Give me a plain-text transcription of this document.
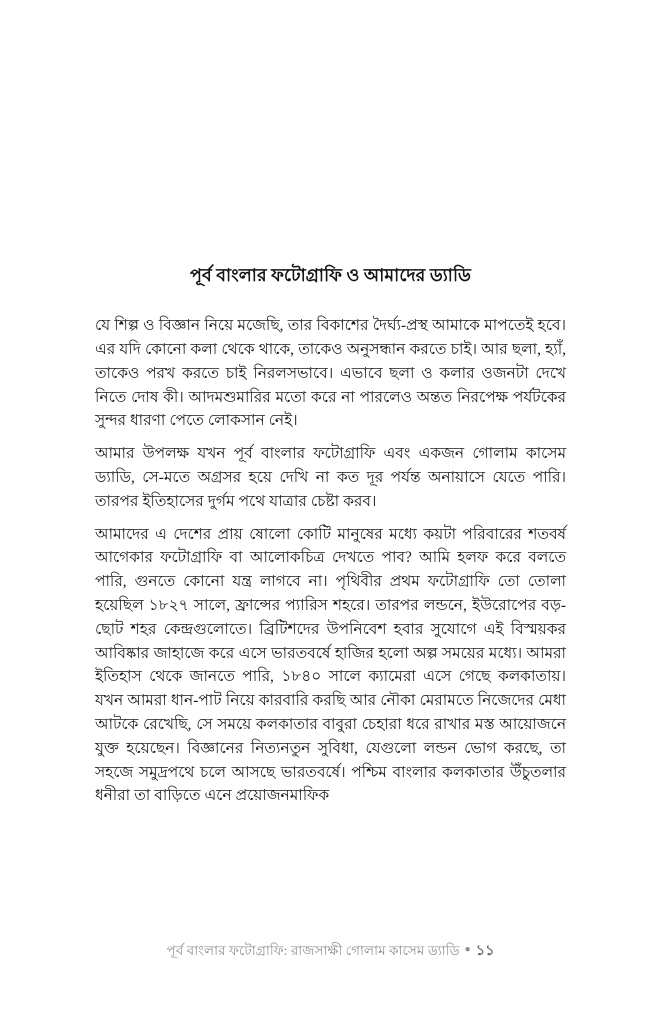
পূর্ব বাংলার ফটোগ্রাফি ও আমাদের ড্যাডি

যে শিল্প ও বিজ্ঞান নিয়ে মজেছি, তার বিকাশের দৈর্ঘ্য-প্রস্থ আমাকে মাপতেই হবে। এর যদি কোনো কলা থেকে থাকে, তাকেও অনুসন্ধান করতে চাই। আর ছলা, হ্যাঁ, তাকেও পরখ করতে চাই নিরলসভাবে। এভাবে ছলা ও কলার ওজনটা দেখে নিতে দোষ কী। আদমশুমারির মতো করে না পারলেও অন্তত নিরপেক্ষ পর্যটকের সুন্দর ধারণা পেতে লোকসান নেই।

আমার উপলক্ষ যখন পূর্ব বাংলার ফটোগ্রাফি এবং একজন গোলাম কাসেম ড্যাডি, সে-মতে অগ্রসর হয়ে দেখি না কত দূর পর্যন্ত অনায়াসে যেতে পারি। তারপর ইতিহাসের দুর্গম পথে যাত্রার চেষ্টা করব।

আমাদের এ দেশের প্রায় ষোলো কোটি মানুষের মধ্যে কয়টা পরিবারের শতবর্ষ আগেকার ফটোগ্রাফি বা আলোকচিত্র দেখতে পাব? আমি হলফ করে বলতে পারি, গুনতে কোনো যন্ত্র লাগবে না। পৃথিবীর প্রথম ফটোগ্রাফি তো তোলা হয়েছিল ১৮২৭ সালে, ফ্রান্সের প্যারিস শহরে। তারপর লন্ডনে, ইউরোপের বড়-ছোট শহর কেন্দ্রগুলোতে। ব্রিটিশদের উপনিবেশ হবার সুযোগে এই বিস্ময়কর আবিষ্কার জাহাজে করে এসে ভারতবর্ষে হাজির হলো অল্প সময়ের মধ্যে। আমরা ইতিহাস থেকে জানতে পারি, ১৮৪০ সালে ক্যামেরা এসে গেছে কলকাতায়। যখন আমরা ধান-পাট নিয়ে কারবারি করছি আর নৌকা মেরামতে নিজেদের মেধা আটকে রেখেছি, সে সময়ে কলকাতার বাবুরা চেহারা ধরে রাখার মস্ত আয়োজনে যুক্ত হয়েছেন। বিজ্ঞানের নিত্যনতুন সুবিধা, যেগুলো লন্ডন ভোগ করছে, তা সহজে সমুদ্রপথে চলে আসছে ভারতবর্ষে। পশ্চিম বাংলার কলকাতার উঁচুতলার ধনীরা তা বাড়িতে এনে প্রয়োজনমাফিক

পূর্ব বাংলার ফটোগ্রাফি: রাজসাক্ষী গোলাম কাসেম ড্যাডি ● ১১
